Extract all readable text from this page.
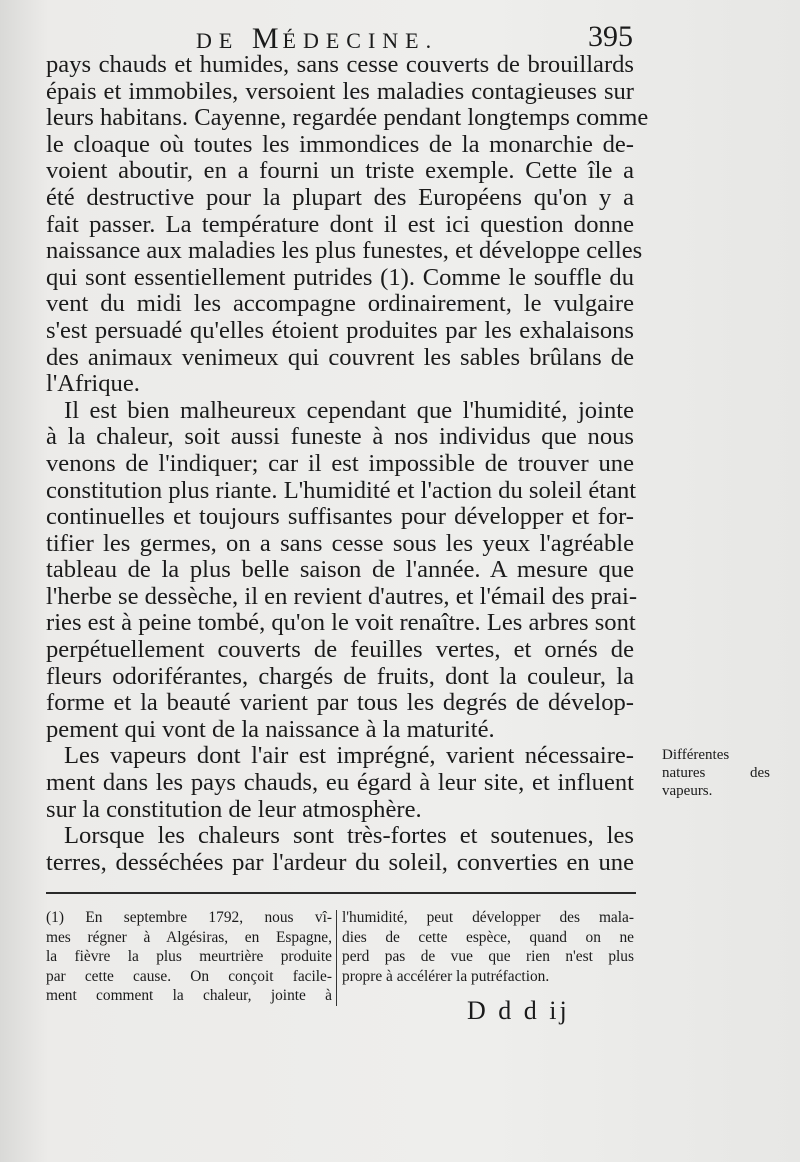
DE MÉDECINE.	395
pays chauds et humides, sans cesse couverts de brouillards
épais et immobiles, versoient les maladies contagieuses sur
leurs habitans. Cayenne, regardée pendant longtemps comme
le cloaque où toutes les immondices de la monarchie de-
voient aboutir, en a fourni un triste exemple. Cette île a
été destructive pour la plupart des Européens qu'on y a
fait passer. La température dont il est ici question donne
naissance aux maladies les plus funestes, et développe celles
qui sont essentiellement putrides (1). Comme le souffle du
vent du midi les accompagne ordinairement, le vulgaire
s'est persuadé qu'elles étoient produites par les exhalaisons
des animaux venimeux qui couvrent les sables brûlans de
l'Afrique.
Il est bien malheureux cependant que l'humidité, jointe
à la chaleur, soit aussi funeste à nos individus que nous
venons de l'indiquer; car il est impossible de trouver une
constitution plus riante. L'humidité et l'action du soleil étant
continuelles et toujours suffisantes pour développer et for-
tifier les germes, on a sans cesse sous les yeux l'agréable
tableau de la plus belle saison de l'année. A mesure que
l'herbe se dessèche, il en revient d'autres, et l'émail des prai-
ries est à peine tombé, qu'on le voit renaître. Les arbres sont
perpétuellement couverts de feuilles vertes, et ornés de
fleurs odoriférantes, chargés de fruits, dont la couleur, la
forme et la beauté varient par tous les degrés de dévelop-
pement qui vont de la naissance à la maturité.
Les vapeurs dont l'air est imprégné, varient nécessaire-
ment dans les pays chauds, eu égard à leur site, et influent
sur la constitution de leur atmosphère.
Lorsque les chaleurs sont très-fortes et soutenues, les
terres, desséchées par l'ardeur du soleil, converties en une
Différentes
natures des
vapeurs.
(1) En septembre 1792, nous vî-
mes régner à Algésiras, en Espagne,
la fièvre la plus meurtrière produite
par cette cause. On conçoit facile-
ment comment la chaleur, jointe à
l'humidité, peut développer des mala-
dies de cette espèce, quand on ne
perd pas de vue que rien n'est plus
propre à accélérer la putréfaction.
D d d ij
